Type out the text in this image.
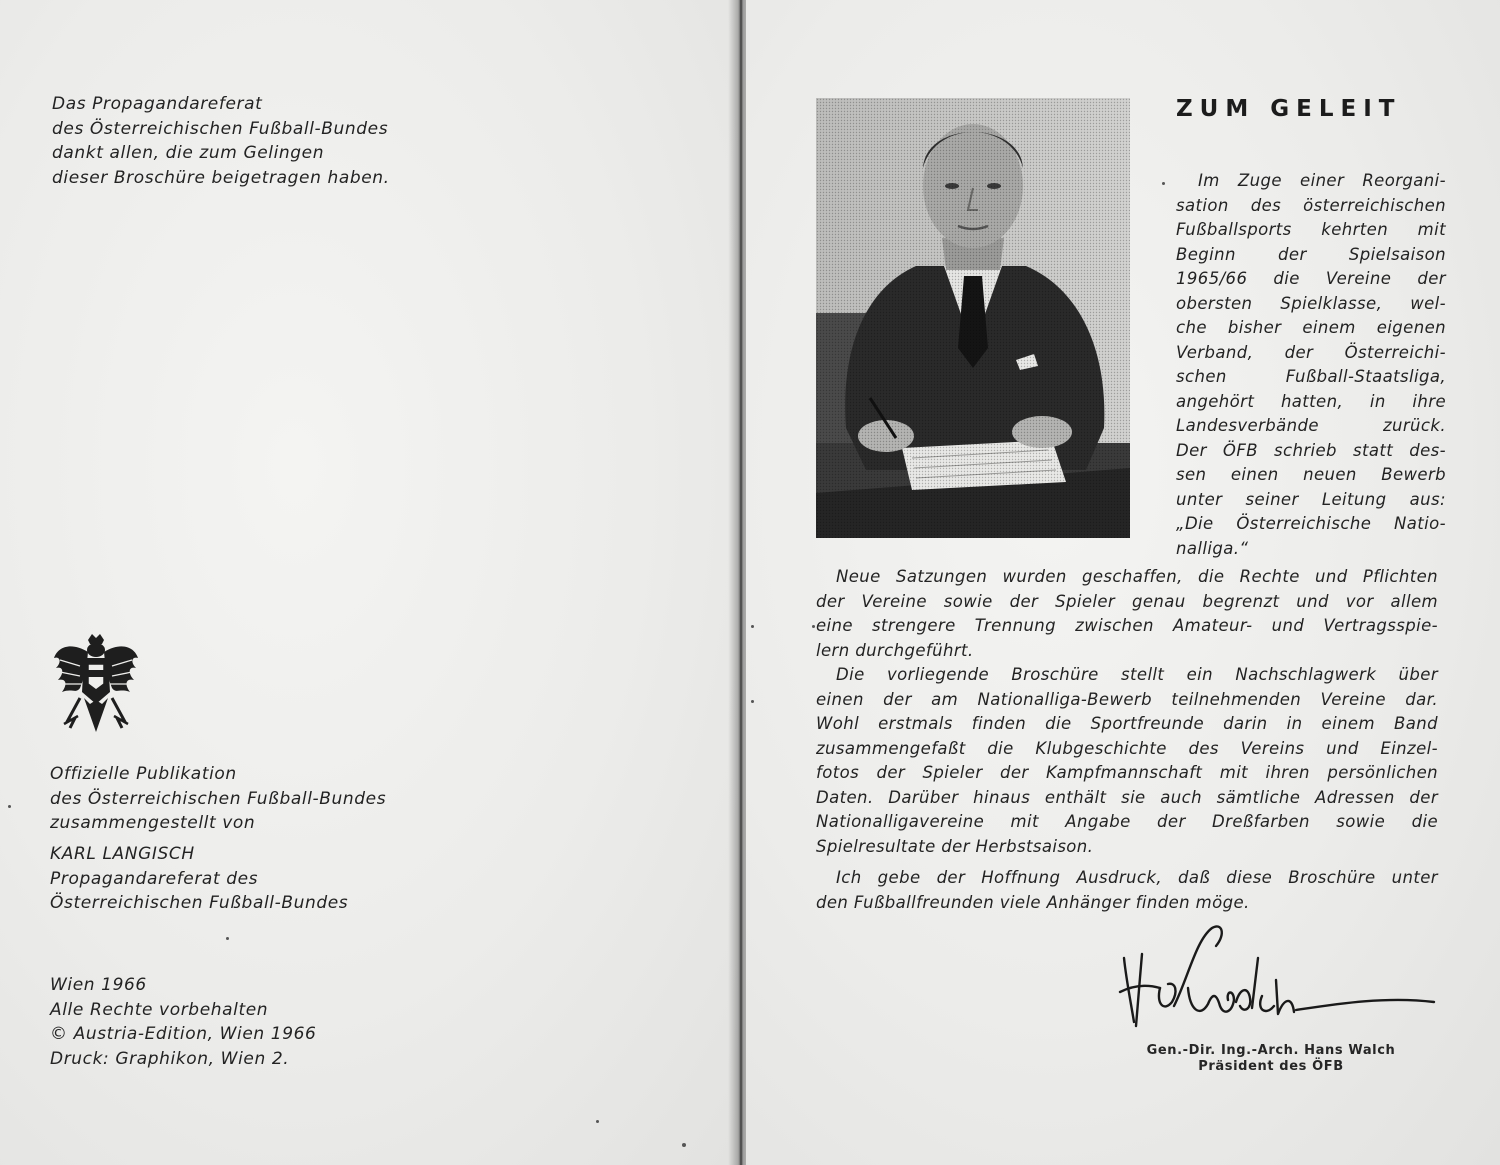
Das Propagandareferat
des Österreichischen Fußball-Bundes
dankt allen, die zum Gelingen
dieser Broschüre beigetragen haben.

Offizielle Publikation
des Österreichischen Fußball-Bundes
zusammengestellt von

KARL LANGISCH
Propagandareferat des
Österreichischen Fußball-Bundes

Wien 1966
Alle Rechte vorbehalten
© Austria-Edition, Wien 1966
Druck: Graphikon, Wien 2.

ZUM GELEIT

Im Zuge einer Reorgani-
sation des österreichischen
Fußballsports kehrten mit
Beginn der Spielsaison
1965/66 die Vereine der
obersten Spielklasse, wel-
che bisher einem eigenen
Verband, der Österreichi-
schen Fußball-Staatsliga,
angehört hatten, in ihre
Landesverbände zurück.
Der ÖFB schrieb statt des-
sen einen neuen Bewerb
unter seiner Leitung aus:
„Die Österreichische Natio-
nalliga.“

Neue Satzungen wurden geschaffen, die Rechte und Pflichten
der Vereine sowie der Spieler genau begrenzt und vor allem
eine strengere Trennung zwischen Amateur- und Vertragsspie-
lern durchgeführt.

Die vorliegende Broschüre stellt ein Nachschlagwerk über
einen der am Nationalliga-Bewerb teilnehmenden Vereine dar.
Wohl erstmals finden die Sportfreunde darin in einem Band
zusammengefaßt die Klubgeschichte des Vereins und Einzel-
fotos der Spieler der Kampfmannschaft mit ihren persönlichen
Daten. Darüber hinaus enthält sie auch sämtliche Adressen der
Nationalligavereine mit Angabe der Dreßfarben sowie die
Spielresultate der Herbstsaison.

Ich gebe der Hoffnung Ausdruck, daß diese Broschüre unter
den Fußballfreunden viele Anhänger finden möge.

Gen.-Dir. Ing.-Arch. Hans Walch
Präsident des ÖFB
